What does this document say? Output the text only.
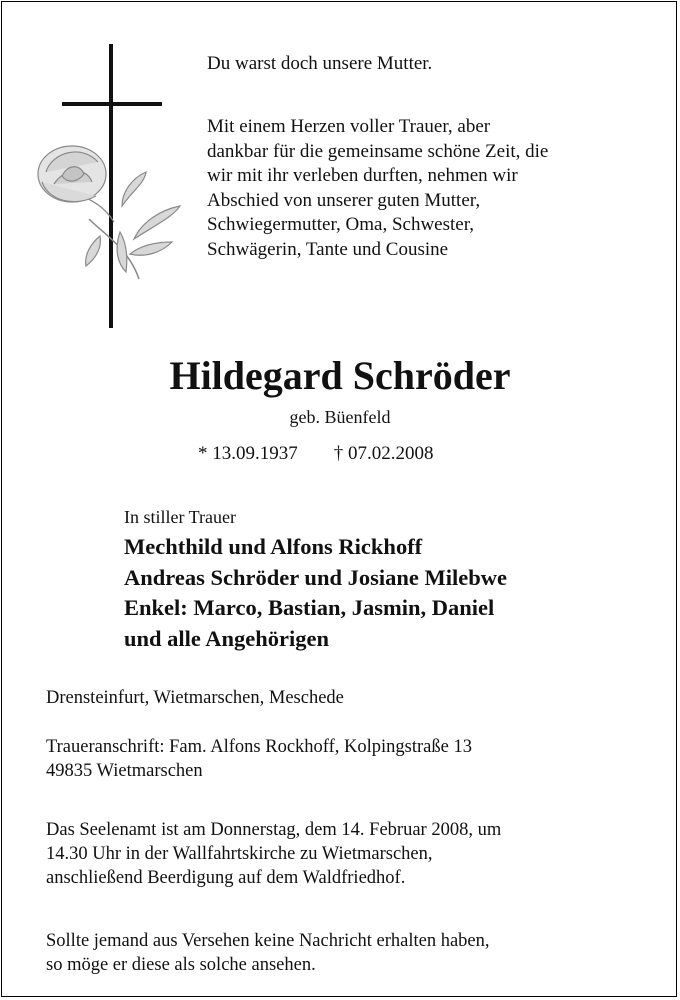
Du warst doch unsere Mutter.
Mit einem Herzen voller Trauer, aber
dankbar für die gemeinsame schöne Zeit, die
wir mit ihr verleben durften, nehmen wir
Abschied von unserer guten Mutter,
Schwiegermutter, Oma, Schwester,
Schwägerin, Tante und Cousine
Hildegard Schröder
geb. Büenfeld
* 13.09.1937 † 07.02.2008
In stiller Trauer
Mechthild und Alfons Rickhoff
Andreas Schröder und Josiane Milebwe
Enkel: Marco, Bastian, Jasmin, Daniel
und alle Angehörigen
Drensteinfurt, Wietmarschen, Meschede
Traueranschrift: Fam. Alfons Rockhoff, Kolpingstraße 13
49835 Wietmarschen
Das Seelenamt ist am Donnerstag, dem 14. Februar 2008, um
14.30 Uhr in der Wallfahrtskirche zu Wietmarschen,
anschließend Beerdigung auf dem Waldfriedhof.
Sollte jemand aus Versehen keine Nachricht erhalten haben,
so möge er diese als solche ansehen.
